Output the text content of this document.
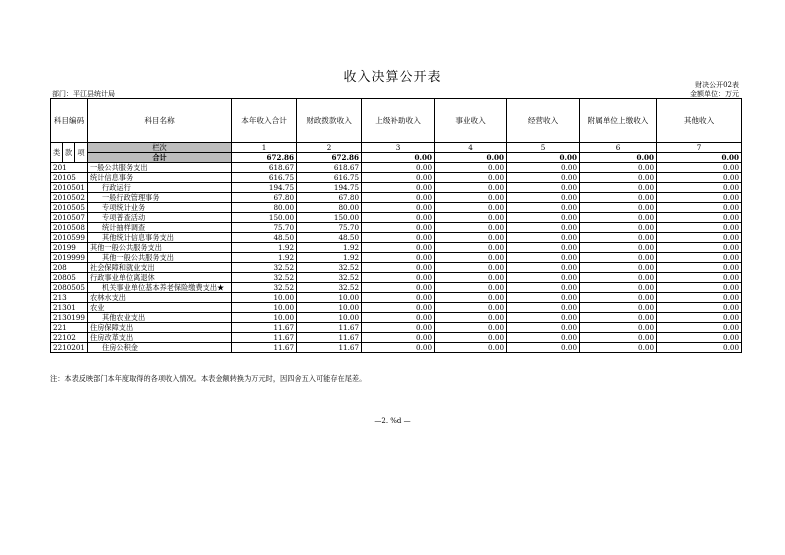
收入决算公开表	财决公开02表
部门：平江县统计局	金额单位：万元
科目编码			科目名称	本年收入合计	财政拨款收入	上级补助收入	事业收入	经营收入	附属单位上缴收入	其他收入
类	款	项								
			栏次	1	2	3	4	5	6	7
			合计	672.86	672.86	0.00	0.00	0.00	0.00	0.00
201			一般公共服务支出	618.67	618.67	0.00	0.00	0.00	0.00	0.00
20105			统计信息事务	616.75	616.75	0.00	0.00	0.00	0.00	0.00
2010501			行政运行	194.75	194.75	0.00	0.00	0.00	0.00	0.00
2010502			一般行政管理事务	67.80	67.80	0.00	0.00	0.00	0.00	0.00
2010505			专项统计业务	80.00	80.00	0.00	0.00	0.00	0.00	0.00
2010507			专项普查活动	150.00	150.00	0.00	0.00	0.00	0.00	0.00
2010508			统计抽样调查	75.70	75.70	0.00	0.00	0.00	0.00	0.00
2010599			其他统计信息事务支出	48.50	48.50	0.00	0.00	0.00	0.00	0.00
20199			其他一般公共服务支出	1.92	1.92	0.00	0.00	0.00	0.00	0.00
2019999			其他一般公共服务支出	1.92	1.92	0.00	0.00	0.00	0.00	0.00
208			社会保障和就业支出	32.52	32.52	0.00	0.00	0.00	0.00	0.00
20805			行政事业单位离退休	32.52	32.52	0.00	0.00	0.00	0.00	0.00
2080505			机关事业单位基本养老保险缴费支出★	32.52	32.52	0.00	0.00	0.00	0.00	0.00
213			农林水支出	10.00	10.00	0.00	0.00	0.00	0.00	0.00
21301			农业	10.00	10.00	0.00	0.00	0.00	0.00	0.00
2130199			其他农业支出	10.00	10.00	0.00	0.00	0.00	0.00	0.00
221			住房保障支出	11.67	11.67	0.00	0.00	0.00	0.00	0.00
22102			住房改革支出	11.67	11.67	0.00	0.00	0.00	0.00	0.00
2210201			住房公积金	11.67	11.67	0.00	0.00	0.00	0.00	0.00
注：本表反映部门本年度取得的各项收入情况。本表金额转换为万元时，因四舍五入可能存在尾差。
—2. %d —
